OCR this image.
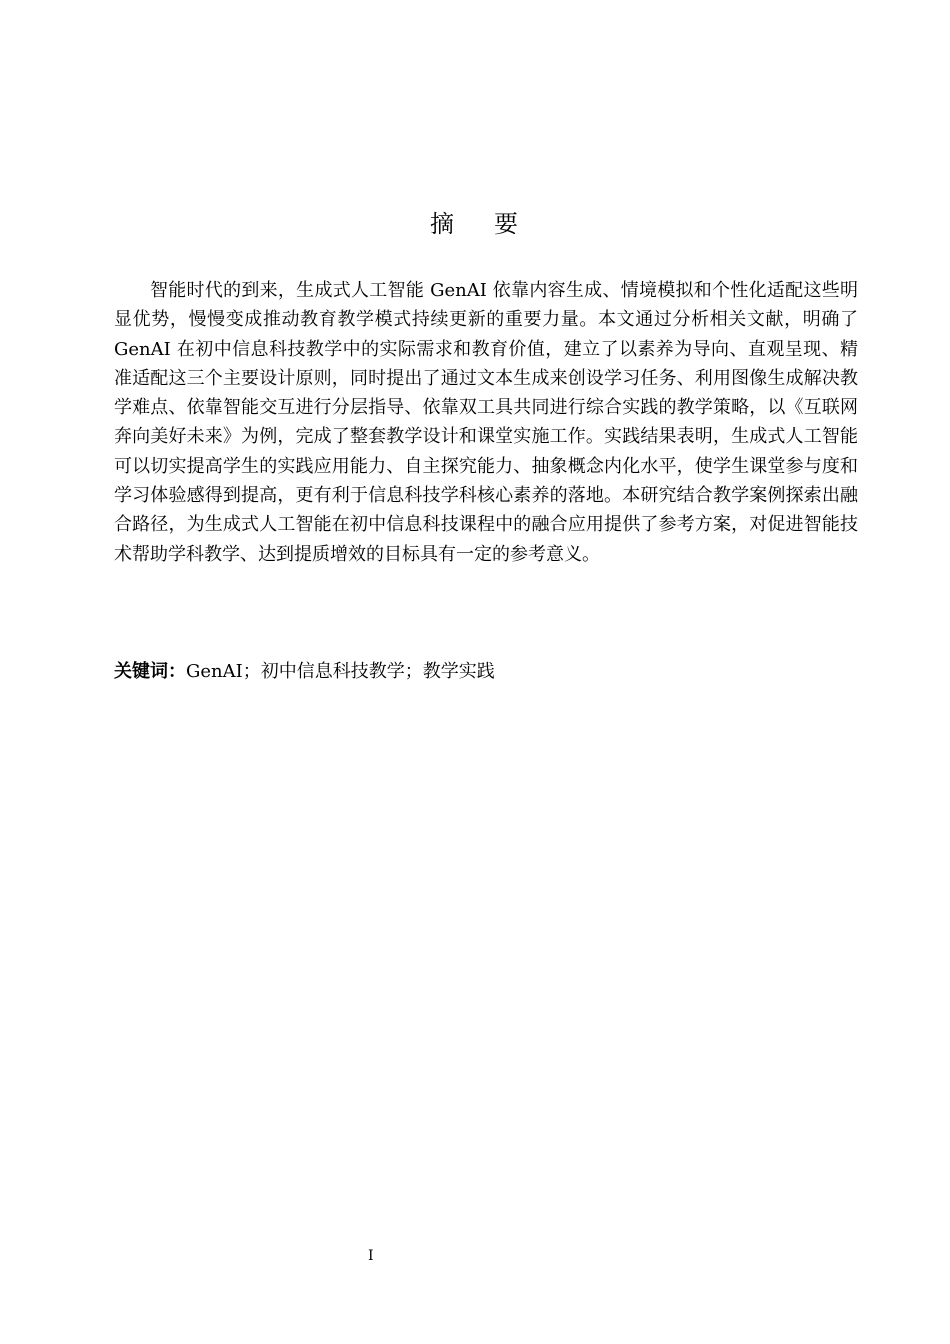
摘 要

智能时代的到来，生成式人工智能 GenAI 依靠内容生成、情境模拟和个性化适配这些明显优势，慢慢变成推动教育教学模式持续更新的重要力量。本文通过分析相关文献，明确了 GenAI 在初中信息科技教学中的实际需求和教育价值，建立了以素养为导向、直观呈现、精准适配这三个主要设计原则，同时提出了通过文本生成来创设学习任务、利用图像生成解决教学难点、依靠智能交互进行分层指导、依靠双工具共同进行综合实践的教学策略，以《互联网奔向美好未来》为例，完成了整套教学设计和课堂实施工作。实践结果表明，生成式人工智能可以切实提高学生的实践应用能力、自主探究能力、抽象概念内化水平，使学生课堂参与度和学习体验感得到提高，更有利于信息科技学科核心素养的落地。本研究结合教学案例探索出融合路径，为生成式人工智能在初中信息科技课程中的融合应用提供了参考方案，对促进智能技术帮助学科教学、达到提质增效的目标具有一定的参考意义。

关键词：GenAI；初中信息科技教学；教学实践

I
